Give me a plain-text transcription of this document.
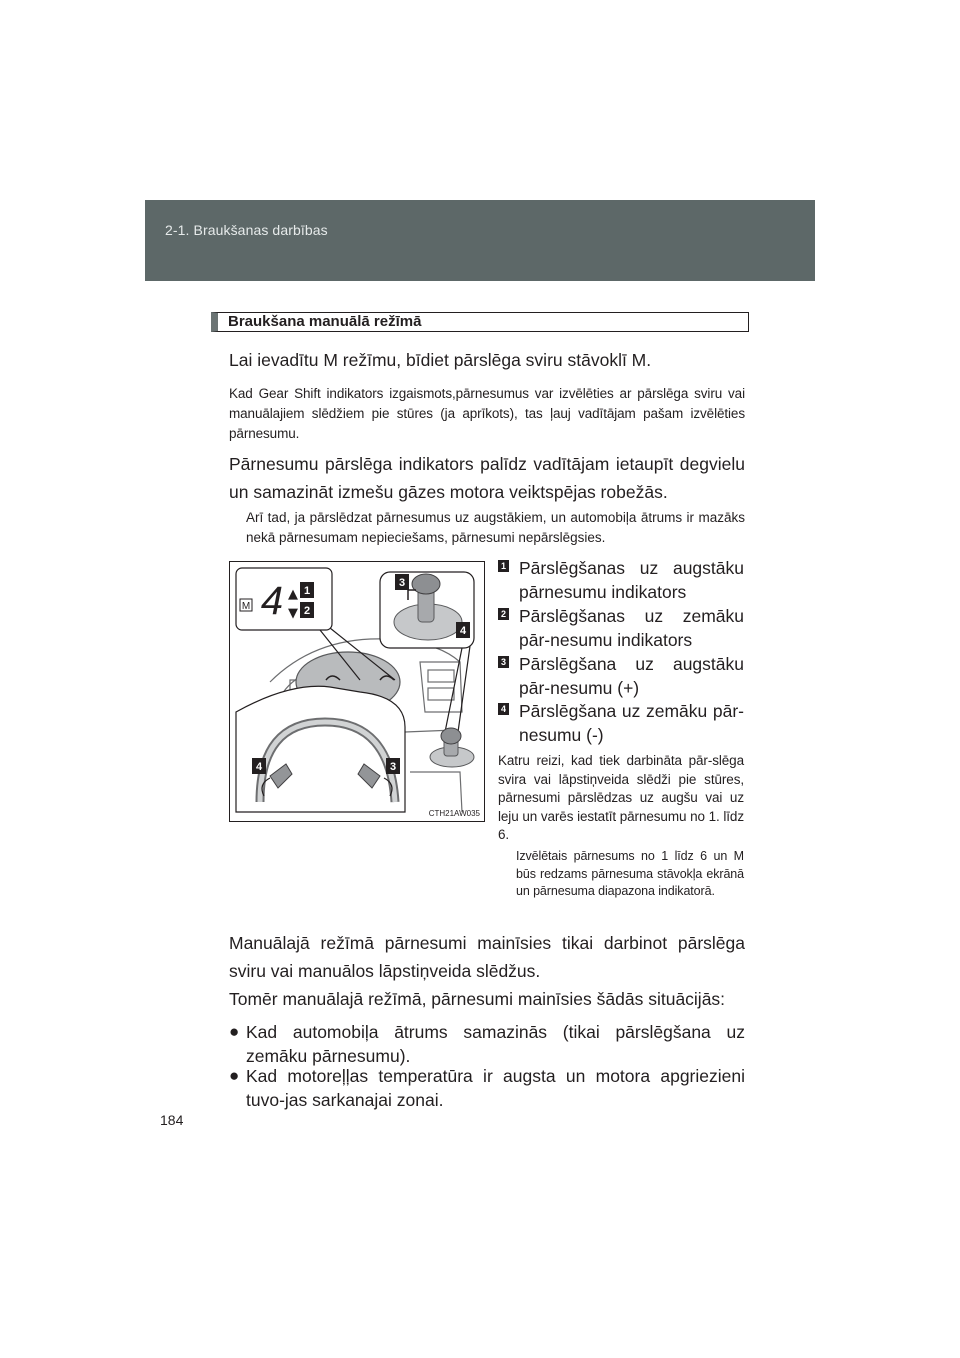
2-1. Braukšanas darbības
Braukšana manuālā režīmā
Lai ievadītu M režīmu, bīdiet pārslēga sviru stāvoklī M.
Kad Gear Shift indikators izgaismots,pārnesumus var izvēlēties ar pārslēga sviru vai manuālajiem slēdžiem pie stūres (ja aprīkots), tas ļauj vadītājam pašam izvēlēties pārnesumu.
Pārnesumu pārslēga indikators palīdz vadītājam ietaupīt degvielu un samazināt izmešu gāzes motora veiktspējas robežās.
Arī tad, ja pārslēdzat pārnesumus uz augstākiem, un automobiļa ātrums ir mazāks nekā pārnesumam nepieciešams, pārnesumi nepārslēgsies.
M 4 ▲
▼
1
2
3
4
4	3
CTH21AW035
1 Pārslēgšanas uz augstāku pārnesumu indikators
2 Pārslēgšanas uz zemāku pār-nesumu indikators
3 Pārslēgšana uz augstāku pār-nesumu (+)
4 Pārslēgšana uz zemāku pār-nesumu (-)
Katru reizi, kad tiek darbināta pār-slēga svira vai lāpstiņveida slēdži pie stūres, pārnesumi pārslēdzas uz augšu vai uz leju un varēs iestatīt pārnesumu no 1. līdz 6.
Izvēlētais pārnesums no 1 līdz 6 un M būs redzams pārnesuma stāvokļa ekrānā un pārnesuma diapazona indikatorā.
Manuālajā režīmā pārnesumi mainīsies tikai darbinot pārslēga sviru vai manuālos lāpstiņveida slēdžus.
Tomēr manuālajā režīmā, pārnesumi mainīsies šādās situācijās:
● Kad automobiļa ātrums samazinās (tikai pārslēgšana uz zemāku pārnesumu).
● Kad motoreļļas temperatūra ir augsta un motora apgriezieni tuvo-jas sarkanajai zonai.
184
